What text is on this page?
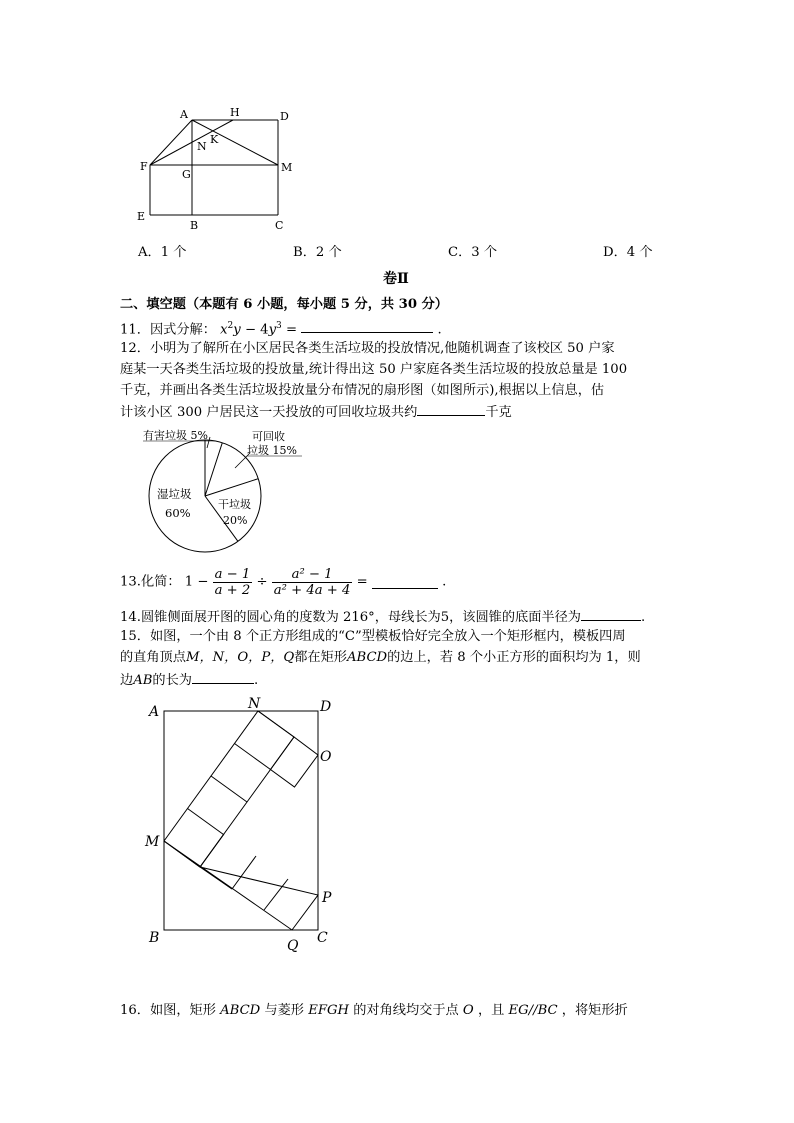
A	H	D
K
N
F	M
G
E
B	C
A．1 个	B．2 个	C．3 个	D．4 个
卷Ⅱ
二、填空题（本题有 6 小题，每小题 5 分，共 30 分）
11．因式分解： $x^2y - 4y^3$ =	.
12．小明为了解所在小区居民各类生活垃圾的投放情况,他随机调查了该校区 50 户家
庭某一天各类生活垃圾的投放量,统计得出这 50 户家庭各类生活垃圾的投放总量是 100
千克，并画出各类生活垃圾投放量分布情况的扇形图（如图所示),根据以上信息，估
计该小区 300 户居民这一天投放的可回收垃圾共约	千克
有害垃圾 5%	可回收
垃圾 15%
湿垃圾
60%
干垃圾
20%
13.化简： $1 - \frac{a - 1}{a + 2} \div \frac{\text{a² − 1}}{\text{a² + 4a + 4}}$ =	.
14.圆锥侧面展开图的圆心角的度数为 216°，母线长为5，该圆锥的底面半径为	.
15．如图，一个由 8 个正方形组成的“C”型模板恰好完全放入一个矩形框内，模板四周
的直角顶点M，N，O，P，Q都在矩形ABCD的边上，若 8 个小正方形的面积均为 1，则
边AB的长为	.
A	N	D
O
M
P
B	Q C
16．如图，矩形 ABCD 与菱形 EFGH 的对角线均交于点 O ，且 EG//BC ，将矩形折
